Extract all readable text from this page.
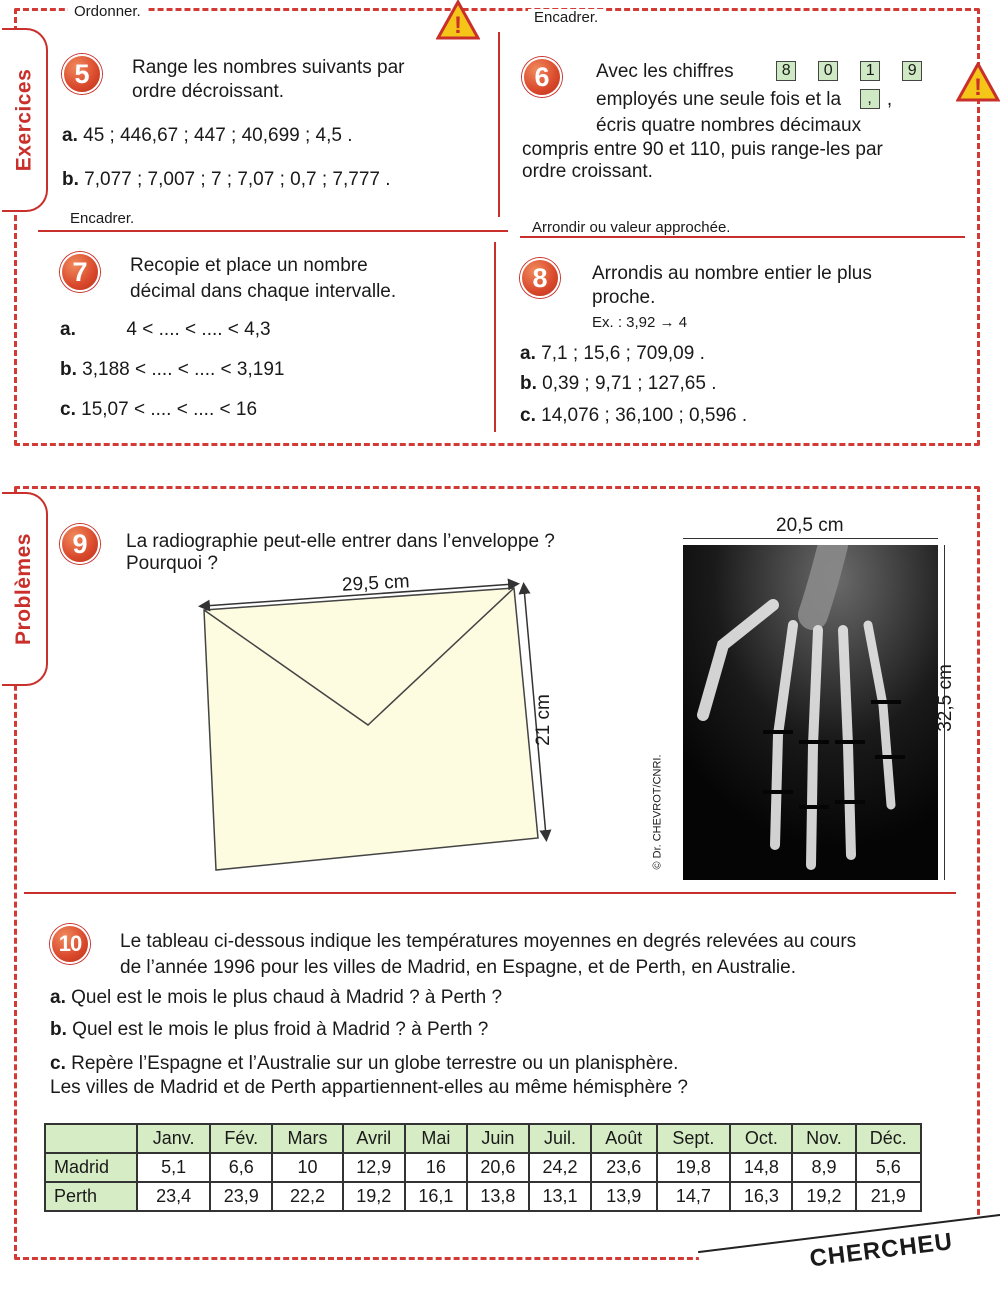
Exercices
Ordonner.	Encadrer.
Encadrer.
Arrondir ou valeur approchée.
!
!
5	Range les nombres suivants par
ordre décroissant.
a. 45 ; 446,67 ; 447 ; 40,699 ; 4,5 .
b. 7,077 ; 7,007 ; 7 ; 7,07 ; 0,7 ; 7,777 .
6	Avec les chiffres	8 0 1 9
employés une seule fois et la , ,
écris quatre nombres décimaux
compris entre 90 et 110, puis range-les par
ordre croissant.
7	Recopie et place un nombre
décimal dans chaque intervalle.
a.	4 < .... < .... < 4,3
b. 3,188 < .... < .... < 3,191
c. 15,07 < .... < .... < 16
8	Arrondis au nombre entier le plus
proche.
Ex. : 3,92 → 4
a. 7,1 ; 15,6 ; 709,09 .
b. 0,39 ; 9,71 ; 127,65 .
c. 14,076 ; 36,100 ; 0,596 .
Problèmes	9	La radiographie peut-elle entrer dans l’enveloppe ?
Pourquoi ?
29,5 cm
21 cm
20,5 cm
32,5 cm
© Dr. CHEVROT/CNRI.
10	Le tableau ci-dessous indique les températures moyennes en degrés relevées au cours
de l’année 1996 pour les villes de Madrid, en Espagne, et de Perth, en Australie.
a. Quel est le mois le plus chaud à Madrid ? à Perth ?
b. Quel est le mois le plus froid à Madrid ? à Perth ?
c. Repère l’Espagne et l’Australie sur un globe terrestre ou un planisphère.
Les villes de Madrid et de Perth appartiennent-elles au même hémisphère ?
	Janv.	Fév.	Mars	Avril	Mai	Juin	Juil.	Août	Sept.	Oct.	Nov.	Déc.
Madrid	5,1	6,6	10	12,9	16	20,6	24,2	23,6	19,8	14,8	8,9	5,6
Perth	23,4	23,9	22,2	19,2	16,1	13,8	13,1	13,9	14,7	16,3	19,2	21,9
CHERCHEU
